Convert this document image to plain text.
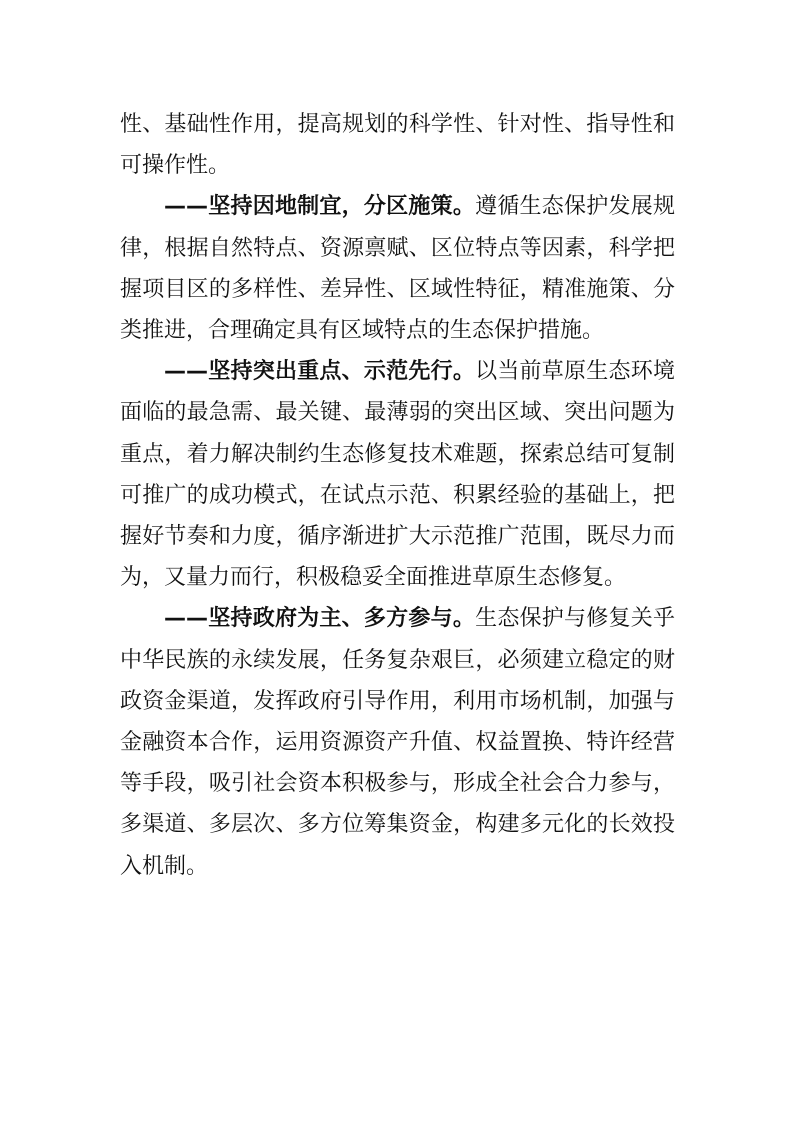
性、基础性作用，提高规划的科学性、针对性、指导性和可操作性。

——坚持因地制宜，分区施策。遵循生态保护发展规律，根据自然特点、资源禀赋、区位特点等因素，科学把握项目区的多样性、差异性、区域性特征，精准施策、分类推进，合理确定具有区域特点的生态保护措施。

——坚持突出重点、示范先行。以当前草原生态环境面临的最急需、最关键、最薄弱的突出区域、突出问题为重点，着力解决制约生态修复技术难题，探索总结可复制可推广的成功模式，在试点示范、积累经验的基础上，把握好节奏和力度，循序渐进扩大示范推广范围，既尽力而为，又量力而行，积极稳妥全面推进草原生态修复。

——坚持政府为主、多方参与。生态保护与修复关乎中华民族的永续发展，任务复杂艰巨，必须建立稳定的财政资金渠道，发挥政府引导作用，利用市场机制，加强与金融资本合作，运用资源资产升值、权益置换、特许经营等手段，吸引社会资本积极参与，形成全社会合力参与，多渠道、多层次、多方位筹集资金，构建多元化的长效投入机制。
